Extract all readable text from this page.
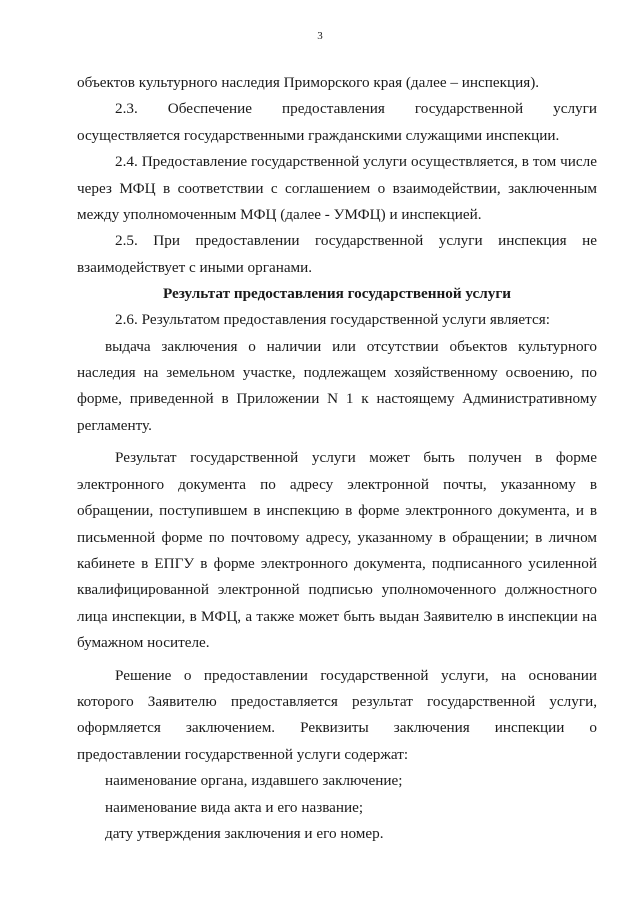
3

объектов культурного наследия Приморского края (далее – инспекция).

2.3. Обеспечение предоставления государственной услуги осуществляется государственными гражданскими служащими инспекции.

2.4. Предоставление государственной услуги осуществляется, в том числе через МФЦ в соответствии с соглашением о взаимодействии, заключенным между уполномоченным МФЦ (далее - УМФЦ) и инспекцией.

2.5. При предоставлении государственной услуги инспекция не взаимодействует с иными органами.

Результат предоставления государственной услуги

2.6. Результатом предоставления государственной услуги является:

выдача заключения о наличии или отсутствии объектов культурного наследия на земельном участке, подлежащем хозяйственному освоению, по форме, приведенной в Приложении N 1 к настоящему Административному регламенту.

Результат государственной услуги может быть получен в форме электронного документа по адресу электронной почты, указанному в обращении, поступившем в инспекцию в форме электронного документа, и в письменной форме по почтовому адресу, указанному в обращении; в личном кабинете в ЕПГУ в форме электронного документа, подписанного усиленной квалифицированной электронной подписью уполномоченного должностного лица инспекции, в МФЦ, а также может быть выдан Заявителю в инспекции на бумажном носителе.

Решение о предоставлении государственной услуги, на основании которого Заявителю предоставляется результат государственной услуги, оформляется заключением. Реквизиты заключения инспекции о предоставлении государственной услуги содержат:

наименование органа, издавшего заключение;

наименование вида акта и его название;

дату утверждения заключения и его номер.
